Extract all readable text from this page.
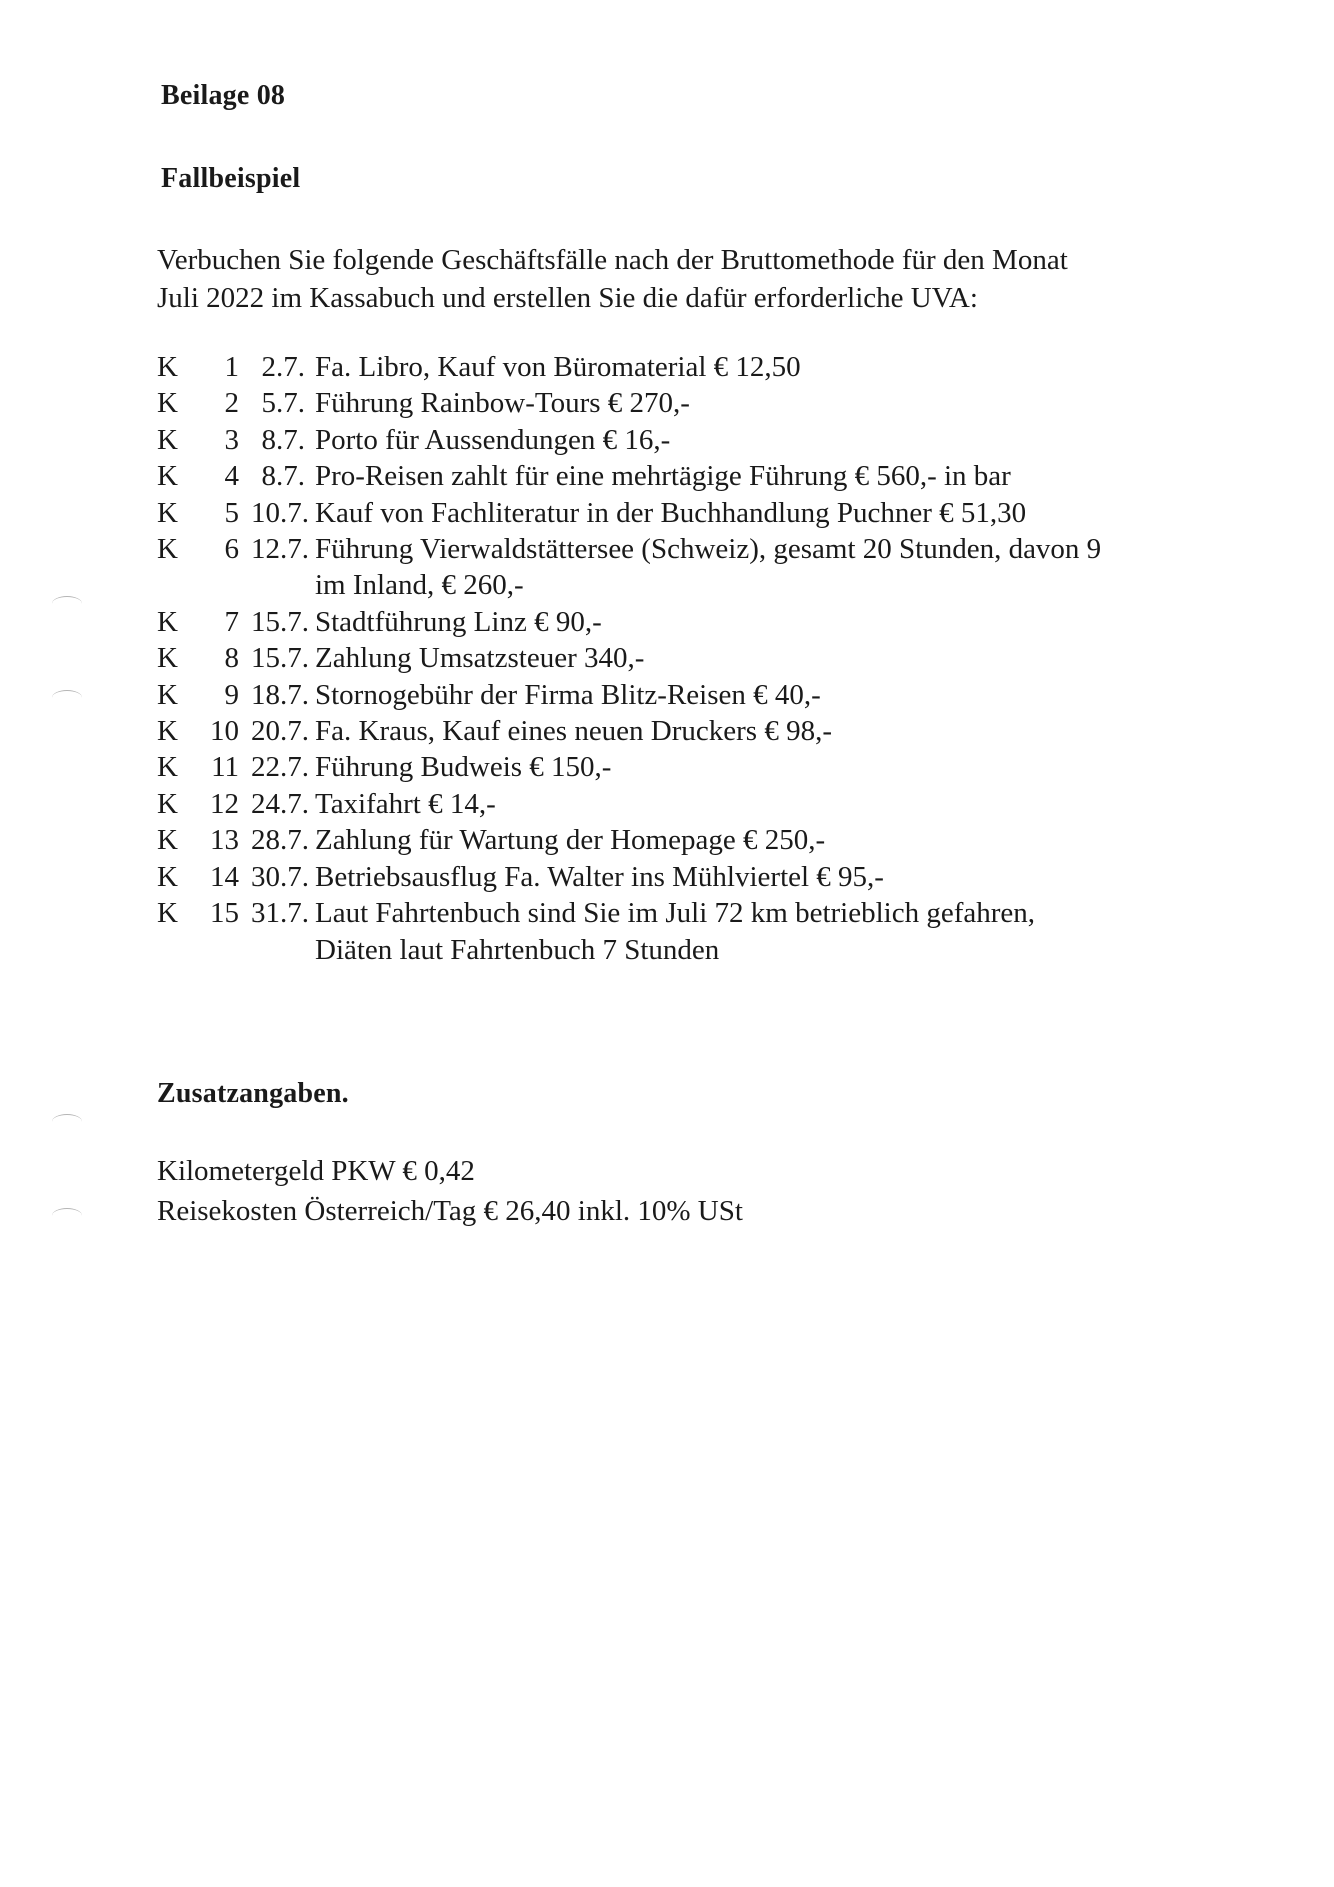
Beilage 08
Fallbeispiel
Verbuchen Sie folgende Geschäftsfälle nach der Bruttomethode für den Monat
Juli 2022 im Kassabuch und erstellen Sie die dafür erforderliche UVA:
K	1 2.7. Fa. Libro, Kauf von Büromaterial € 12,50
K	2 5.7. Führung Rainbow-Tours € 270,-
K	3 8.7. Porto für Aussendungen € 16,-
K	4 8.7. Pro-Reisen zahlt für eine mehrtägige Führung € 560,- in bar
K	5 10.7. Kauf von Fachliteratur in der Buchhandlung Puchner € 51,30
K	6 12.7. Führung Vierwaldstättersee (Schweiz), gesamt 20 Stunden, davon 9
im Inland, € 260,-
K	7 15.7. Stadtführung Linz € 90,-
K	8 15.7. Zahlung Umsatzsteuer 340,-
K	9 18.7. Stornogebühr der Firma Blitz-Reisen € 40,-
K	10 20.7. Fa. Kraus, Kauf eines neuen Druckers € 98,-
K	11 22.7. Führung Budweis € 150,-
K	12 24.7. Taxifahrt € 14,-
K	13 28.7. Zahlung für Wartung der Homepage € 250,-
K	14 30.7. Betriebsausflug Fa. Walter ins Mühlviertel € 95,-
K	15 31.7. Laut Fahrtenbuch sind Sie im Juli 72 km betrieblich gefahren,
Diäten laut Fahrtenbuch 7 Stunden
Zusatzangaben.
Kilometergeld PKW € 0,42
Reisekosten Österreich/Tag € 26,40 inkl. 10% USt
